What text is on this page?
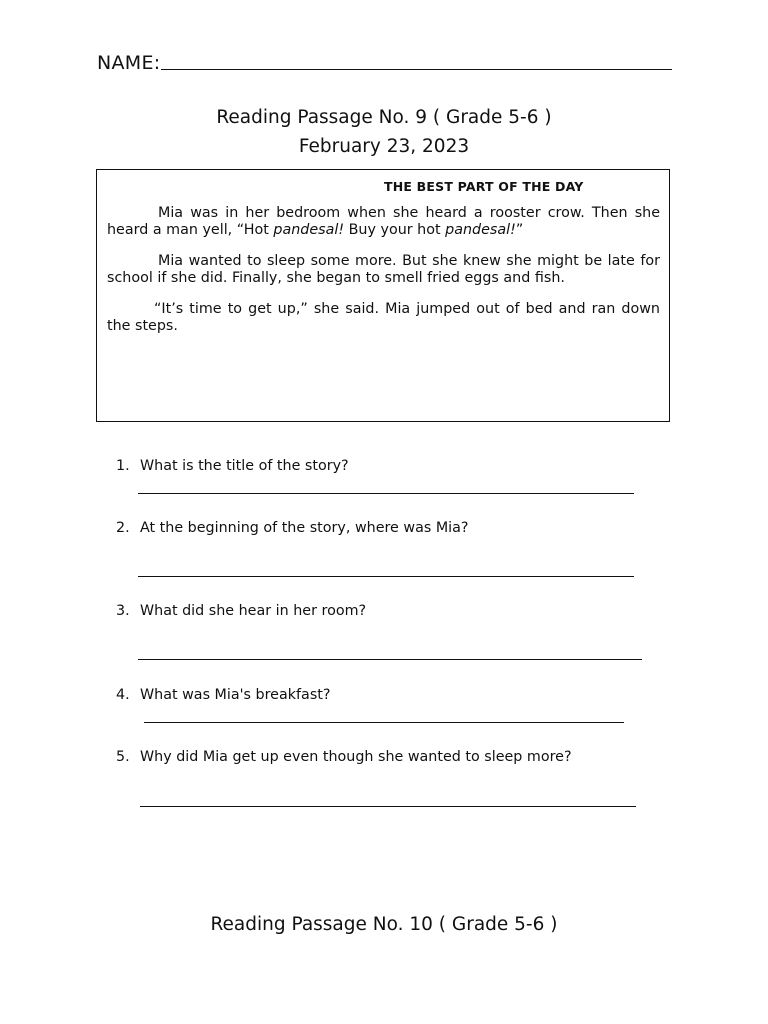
NAME:
Reading Passage No. 9 ( Grade 5-6 )
February 23, 2023
THE BEST PART OF THE DAY

Mia was in her bedroom when she heard a rooster crow. Then she heard a man yell, “Hot pandesal! Buy your hot pandesal!”

Mia wanted to sleep some more. But she knew she might be late for school if she did. Finally, she began to smell fried eggs and fish.

“It’s time to get up,” she said. Mia jumped out of bed and ran down the steps.

1. What is the title of the story?
2. At the beginning of the story, where was Mia?
3. What did she hear in her room?
4. What was Mia's breakfast?
5. Why did Mia get up even though she wanted to sleep more?
Reading Passage No. 10 ( Grade 5-6 )
